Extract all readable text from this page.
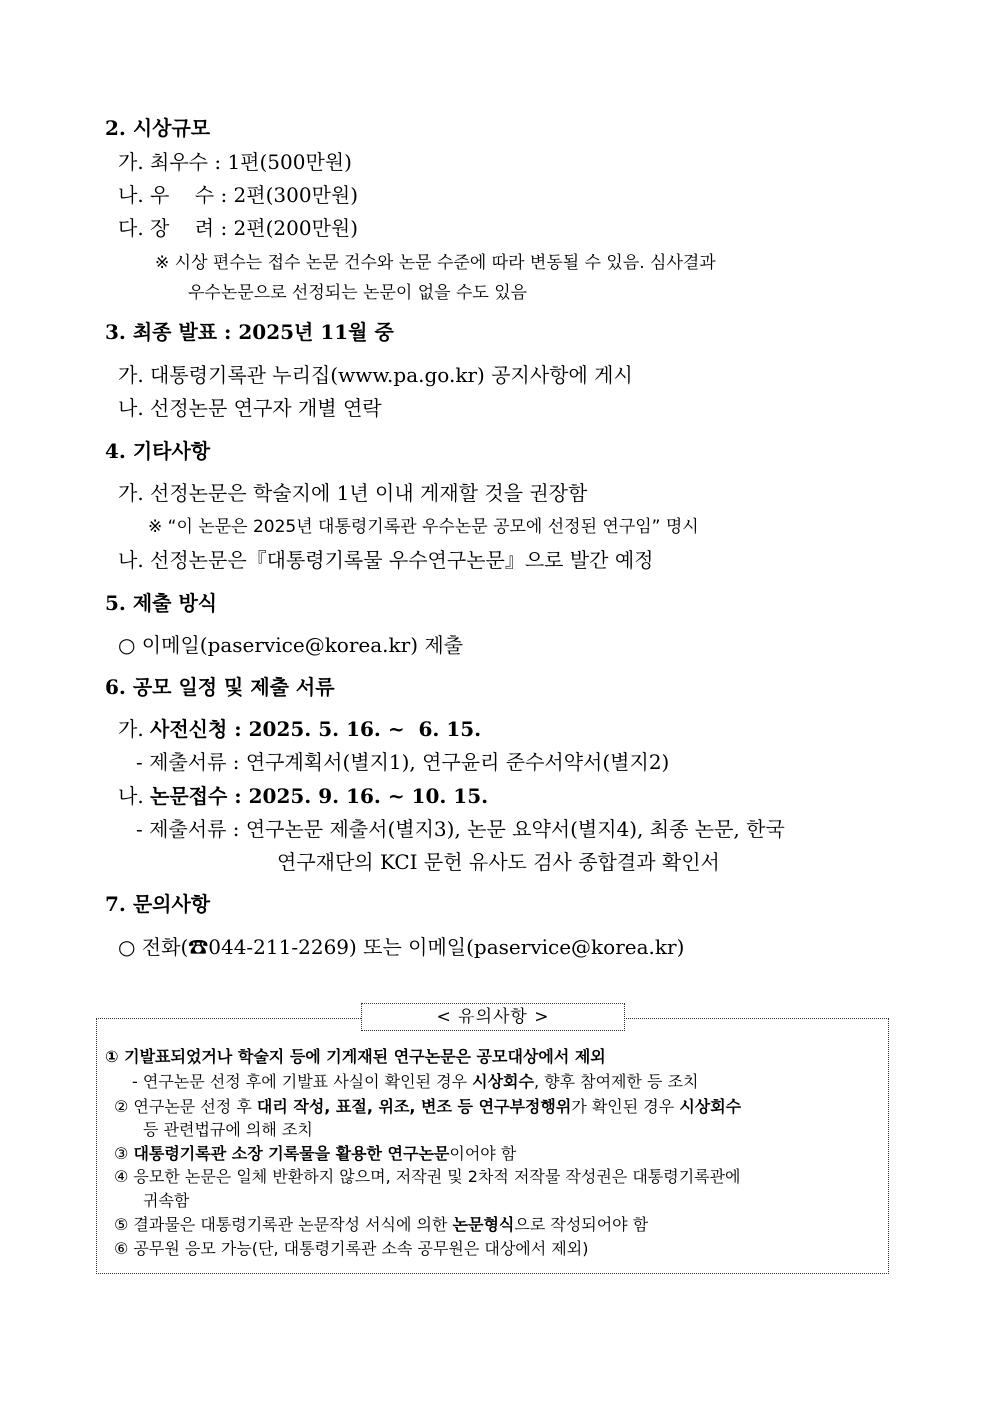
2. 시상규모
가. 최우수 : 1편(500만원)
나. 우    수 : 2편(300만원)
다. 장    려 : 2편(200만원)
※ 시상 편수는 접수 논문 건수와 논문 수준에 따라 변동될 수 있음. 심사결과
우수논문으로 선정되는 논문이 없을 수도 있음
3. 최종 발표 : 2025년 11월 중
가. 대통령기록관 누리집(www.pa.go.kr) 공지사항에 게시
나. 선정논문 연구자 개별 연락
4. 기타사항
가. 선정논문은 학술지에 1년 이내 게재할 것을 권장함
※ “이 논문은 2025년 대통령기록관 우수논문 공모에 선정된 연구임” 명시
나. 선정논문은『대통령기록물 우수연구논문』으로 발간 예정
5. 제출 방식
○ 이메일(paservice@korea.kr) 제출
6. 공모 일정 및 제출 서류
가. 사전신청 : 2025. 5. 16. ~  6. 15.
- 제출서류 : 연구계획서(별지1), 연구윤리 준수서약서(별지2)
나. 논문접수 : 2025. 9. 16. ~ 10. 15.
- 제출서류 : 연구논문 제출서(별지3), 논문 요약서(별지4), 최종 논문, 한국
연구재단의 KCI 문헌 유사도 검사 종합결과 확인서
7. 문의사항
○ 전화(☎044-211-2269) 또는 이메일(paservice@korea.kr)
< 유의사항 >
① 기발표되었거나 학술지 등에 기게재된 연구논문은 공모대상에서 제외
- 연구논문 선정 후에 기발표 사실이 확인된 경우 시상회수, 향후 참여제한 등 조치
② 연구논문 선정 후 대리 작성, 표절, 위조, 변조 등 연구부정행위가 확인된 경우 시상회수
등 관련법규에 의해 조치
③ 대통령기록관 소장 기록물을 활용한 연구논문이어야 함
④ 응모한 논문은 일체 반환하지 않으며, 저작권 및 2차적 저작물 작성권은 대통령기록관에
귀속함
⑤ 결과물은 대통령기록관 논문작성 서식에 의한 논문형식으로 작성되어야 함
⑥ 공무원 응모 가능(단, 대통령기록관 소속 공무원은 대상에서 제외)
